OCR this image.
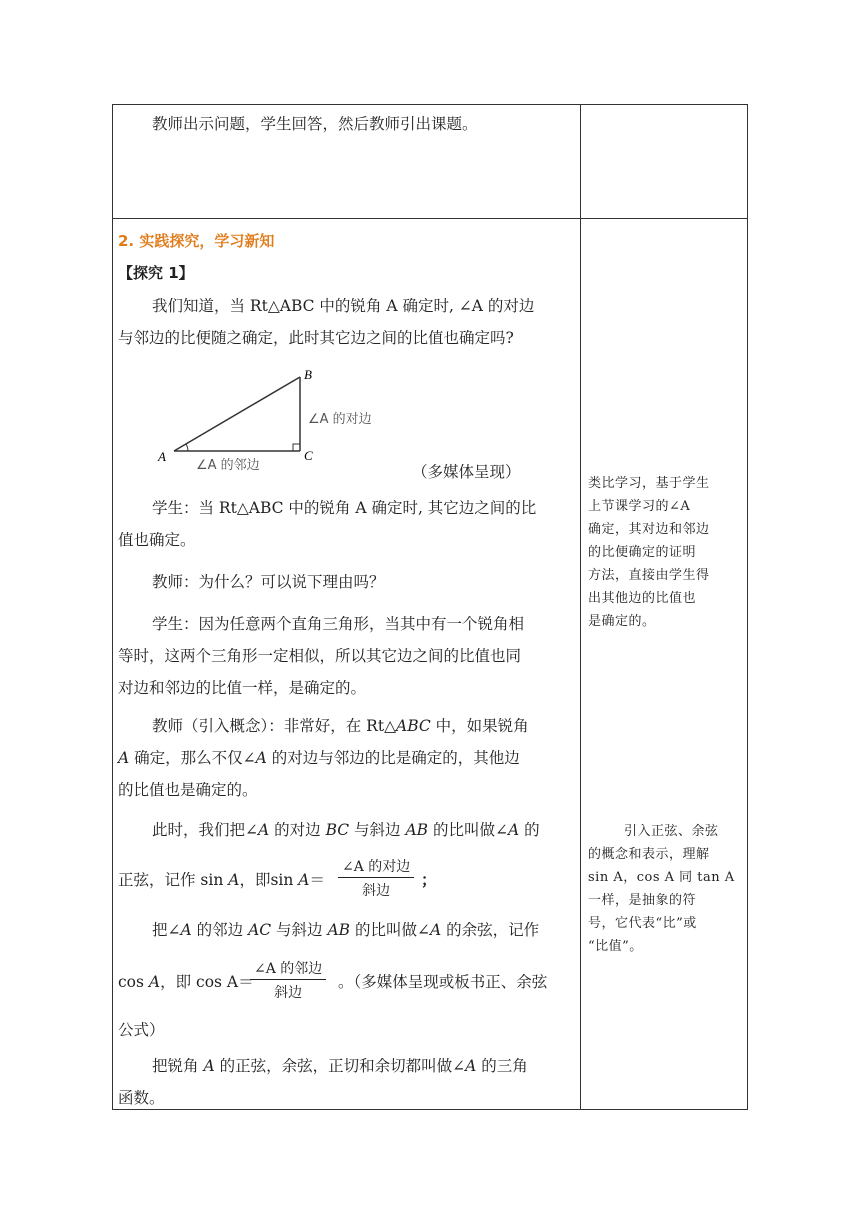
教师出示问题，学生回答，然后教师引出课题。
2. 实践探究，学习新知
【探究 1】
我们知道，当 Rt△ABC 中的锐角 A 确定时, ∠A 的对边
与邻边的比便随之确定，此时其它边之间的比值也确定吗?
A
B
C
∠A 的对边
∠A 的邻边	（多媒体呈现）
学生：当 Rt△ABC 中的锐角 A 确定时, 其它边之间的比
值也确定。
教师：为什么？可以说下理由吗？
学生：因为任意两个直角三角形，当其中有一个锐角相
等时，这两个三角形一定相似，所以其它边之间的比值也同
对边和邻边的比值一样，是确定的。
教师（引入概念）：非常好，在 Rt△ABC 中，如果锐角
A 确定，那么不仅∠A 的对边与邻边的比是确定的，其他边
的比值也是确定的。
此时，我们把∠A 的对边 BC 与斜边 AB 的比叫做∠A 的
正弦，记作 sin A，即sin A＝
∠A 的对边
斜边
；
把∠A 的邻边 AC 与斜边 AB 的比叫做∠A 的余弦，记作
cos A，即 cos A＝
∠A 的邻边
斜边
。（多媒体呈现或板书正、余弦
公式）
把锐角 A 的正弦，余弦，正切和余切都叫做∠A 的三角
函数。
类比学习，基于学生
上节课学习的∠A
确定，其对边和邻边
的比便确定的证明
方法，直接由学生得
出其他边的比值也
是确定的。
引入正弦、余弦
的概念和表示，理解
sin A，cos A 同 tan A
一样，是抽象的符
号，它代表“比”或
“比值”。
